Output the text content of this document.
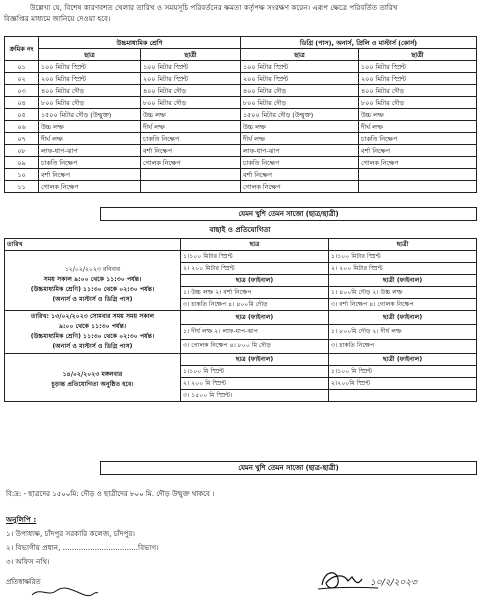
উল্লেখ্য যে, বিশেষ কারণবশত খেলার তারিখ ও সময়সূচি পরিবর্তনের ক্ষমতা কর্তৃপক্ষ সংরক্ষণ করেন। এরূপ ক্ষেত্রে পরিবর্তিত তারিখ

বিজ্ঞপ্তির মাধ্যমে জানিয়ে দেওয়া হবে।

ক্রমিক নং	উচ্চমাধ্যমিক শ্রেণি		ডিগ্রি (পাস), অনার্স, প্রিলি ও মাস্টার্স (কোর্স)	
	ছাত্র	ছাত্রী	ছাত্র	ছাত্রী
০১	১০০ মিটার স্প্রিন্ট	১০০ মিটার স্প্রিন্ট	১০০ মিটার স্প্রিন্ট	১০০ মিটার স্প্রিন্ট
০২	২০০ মিটার স্প্রিন্ট	২০০ মিটার স্প্রিন্ট	২০০ মিটার স্প্রিন্ট	২০০ মিটার স্প্রিন্ট
০৩	৪০০ মিটার দৌড়	৪০০ মিটার দৌড়	৪০০ মিটার দৌড়	৪০০ মিটার দৌড়
০৪	৮০০ মিটার দৌড়	৮০০ মিটার দৌড়	৮০০ মিটার দৌড়	৮০০ মিটার দৌড়
০৫	১৫০০ মিটার দৌড় (উন্মুক্ত)	উচ্চ লম্ফ	১৫০০ মিটার দৌড় (উন্মুক্ত)	উচ্চ লম্ফ
০৬	উচ্চ লম্ফ	দীর্ঘ লম্ফ	উচ্চ লম্ফ	দীর্ঘ লম্ফ
০৭	দীর্ঘ লম্ফ	চাকতি নিক্ষেপ	দীর্ঘ লম্ফ	চাকতি নিক্ষেপ
০৮	লাফ-ধাপ-ঝাপ	বর্শা নিক্ষেপ	লাফ-ধাপ-ঝাপ	বর্শা নিক্ষেপ
০৯	চাকতি নিক্ষেপ	গোলক নিক্ষেপ	চাকতি নিক্ষেপ	গোলক নিক্ষেপ
১০	বর্শা নিক্ষেপ		বর্শা নিক্ষেপ	
১১	গোলক নিক্ষেপ		গোলক নিক্ষেপ	
যেমন খুশি তেমন সাজো (ছাত্র/ছাত্রী)
বাছাই ও প্রতিযোগিতা
তারিখ	ছাত্র	ছাত্রী

১২/০২/২০২৩ রবিবার
সময় সকাল ৯:০০ থেকে ১১:৩০ পর্যন্ত।
(উচ্চমাধ্যমিক শ্রেণি) ১১:৩০ থেকে ০২:৩০ পর্যন্ত।
(অনার্স ও মাস্টার্স ও ডিগ্রি পাস)	১।১০০ মিটার স্প্রিন্ট	১।১০০ মিটার স্প্রিন্ট
	২। ২০০ মিটার স্প্রিন্ট	২। ২০০ মিটার স্প্রিন্ট
	ছাত্র (ফাইনাল)	ছাত্রী (ফাইনাল)
	১। উচ্চ লম্ফ ২। বর্শা নিক্ষেপ	১। ৪০০মি দৌড় ২। উচ্চ লম্ফ
	৩। চাকতি নিক্ষেপ ৪। ৪০০মি দৌড়	৩। বর্শা নিক্ষেপ ৪। গোলক নিক্ষেপ

তারিখ: ১৩/০২/২০২৩ সোমবার সময় সময় সকাল
৯:০০ থেকে ১১:৩০ পর্যন্ত।
(উচ্চমাধ্যমিক শ্রেণি) ১১:৩০ থেকে ০২:৩০ পর্যন্ত।
(অনার্স ও মাস্টার্স ও ডিগ্রি পাস)	ছাত্র (ফাইনাল)	ছাত্রী (ফাইনাল)
	১। দীর্ঘ লম্ফ ২। লাফ-ধাপ-ঝাপ	১। ৮০০মি দৌড় ২। দীর্ঘ লম্ফ
	৩। গোলক নিক্ষেপ ৪। ৮০০ মি দৌড়	৩। চাকতি নিক্ষেপ

১৪/০২/২০২৩ মঙ্গলবার
চূড়ান্ত প্রতিযোগিতা অনুষ্ঠিত হবে।	ছাত্র (ফাইনাল)	ছাত্রী (ফাইনাল)
	১।১০০ মি স্প্রিন্ট	১।১০০ মি স্প্রিন্ট
	২। ২০০ মি স্প্রিন্ট	২।২০০মি স্প্রিন্ট
	৩। ১৫০০ মি স্প্রিন্ট।	
যেমন খুশি তেমন সাজো (ছাত্র-ছাত্রী)
বি:দ্র: - ছাত্রদের ১৫০০মি: দৌড় ও ছাত্রীদের ৮০০ মি. দৌড় উন্মুক্ত থাকবে ।
অনুলিপি :
১। উপাধ্যক্ষ, চাঁদপুর সরকারি কলেজ, চাঁদপুর।
২। বিভাগীয় প্রধান, .................................বিভাগ।
৩। অফিস নথি।
প্রতিস্বাক্ষরিত	১০/২/২০২৩
